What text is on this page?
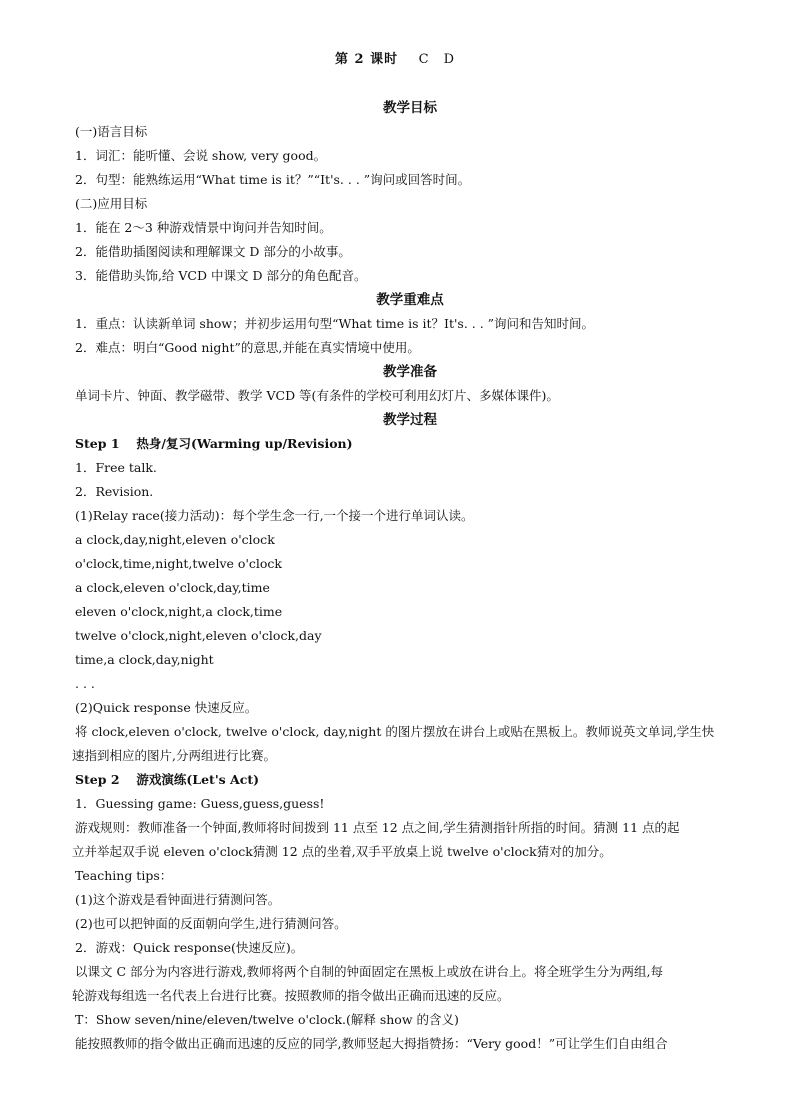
第 2 课时 C　D
教学目标
(一)语言目标
1．词汇：能听懂、会说 show, very good。
2．句型：能熟练运用“What time is it？”“It's. . . ”询问或回答时间。
(二)应用目标
1．能在 2～3 种游戏情景中询问并告知时间。
2．能借助插图阅读和理解课文 D 部分的小故事。
3．能借助头饰,给 VCD 中课文 D 部分的角色配音。
教学重难点
1．重点：认读新单词 show；并初步运用句型“What time is it？It's. . . ”询问和告知时间。
2．难点：明白“Good night”的意思,并能在真实情境中使用。
教学准备
单词卡片、钟面、教学磁带、教学 VCD 等(有条件的学校可利用幻灯片、多媒体课件)。
教学过程
Step 1　 热身/复习(Warming up/Revision)
1．Free talk.
2．Revision.
(1)Relay race(接力活动)：每个学生念一行,一个接一个进行单词认读。
a clock,day,night,eleven o'clock
o'clock,time,night,twelve o'clock
a clock,eleven o'clock,day,time
eleven o'clock,night,a clock,time
twelve o'clock,night,eleven o'clock,day
time,a clock,day,night
. . .
(2)Quick response 快速反应。
将 clock,eleven o'clock, twelve o'clock, day,night 的图片摆放在讲台上或贴在黑板上。教师说英文单词,学生快
速指到相应的图片,分两组进行比赛。
Step 2　 游戏演练(Let's Act)
1．Guessing game: Guess,guess,guess!
游戏规则：教师准备一个钟面,教师将时间拨到 11 点至 12 点之间,学生猜测指针所指的时间。猜测 11 点的起
立并举起双手说 eleven o'clock猜测 12 点的坐着,双手平放桌上说 twelve o'clock猜对的加分。
Teaching tips：
(1)这个游戏是看钟面进行猜测问答。
(2)也可以把钟面的反面朝向学生,进行猜测问答。
2．游戏：Quick response(快速反应)。
以课文 C 部分为内容进行游戏,教师将两个自制的钟面固定在黑板上或放在讲台上。将全班学生分为两组,每
轮游戏每组选一名代表上台进行比赛。按照教师的指令做出正确而迅速的反应。
T：Show seven/nine/eleven/twelve o'clock.(解释 show 的含义)
能按照教师的指令做出正确而迅速的反应的同学,教师竖起大拇指赞扬：“Very good！”可让学生们自由组合
